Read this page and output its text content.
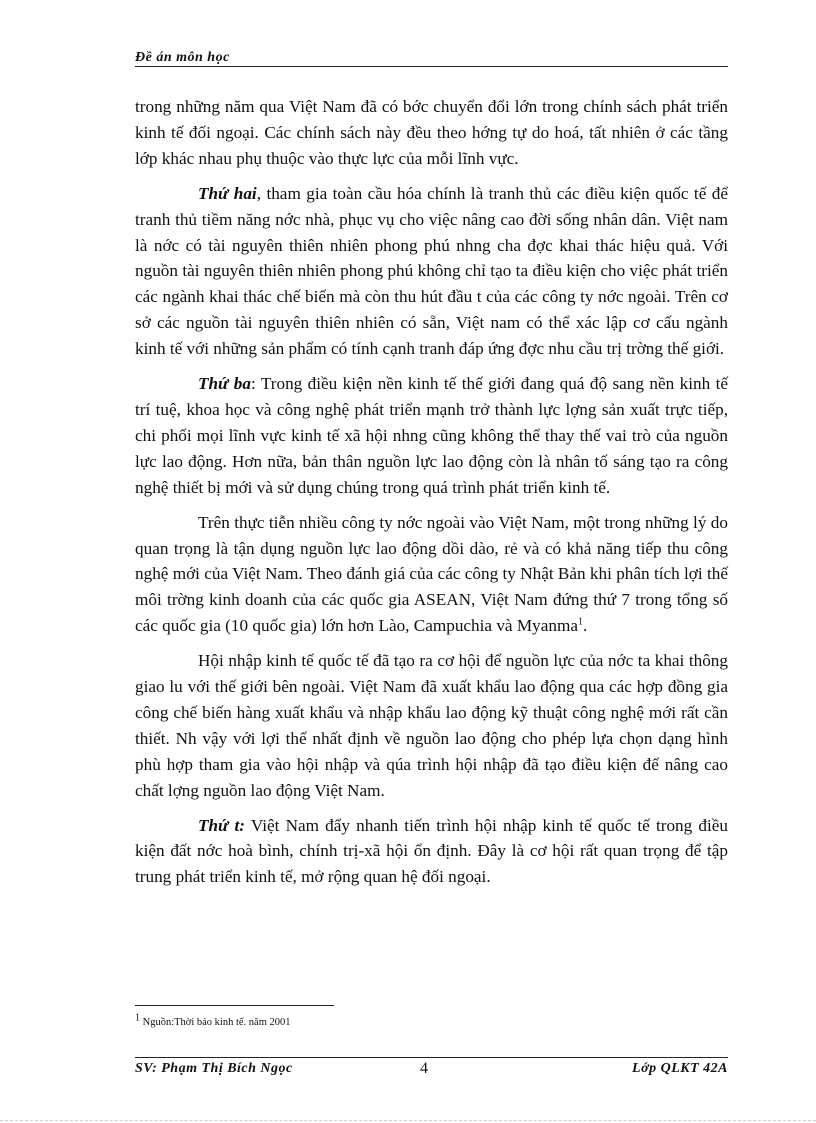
Đề án môn học

trong những năm qua Việt Nam đã có bớc chuyển đổi lớn trong chính sách phát triển kinh tế đối ngoại. Các chính sách này đều theo hớng tự do hoá, tất nhiên ở các tầng lớp khác nhau phụ thuộc vào thực lực của mỗi lĩnh vực.

Thứ hai, tham gia toàn cầu hóa chính là tranh thủ các điều kiện quốc tế để tranh thủ tiềm năng nớc nhà, phục vụ cho việc nâng cao đời sống nhân dân. Việt nam là nớc có tài nguyên thiên nhiên phong phú nhng cha đợc khai thác hiệu quả. Với nguồn tài nguyên thiên nhiên phong phú không chỉ tạo ta điều kiện cho việc phát triển các ngành khai thác chế biến mà còn thu hút đầu t của các công ty nớc ngoài. Trên cơ sở các nguồn tài nguyên thiên nhiên có sẵn, Việt nam có thể xác lập cơ cấu ngành kinh tế với những sản phẩm có tính cạnh tranh đáp ứng đợc nhu cầu trị trờng thế giới.

Thứ ba: Trong điều kiện nền kinh tế thế giới đang quá độ sang nền kinh tế trí tuệ, khoa học và công nghệ phát triển mạnh trở thành lực lợng sản xuất trực tiếp, chi phối mọi lĩnh vực kinh tế xã hội nhng cũng không thể thay thế vai trò của nguồn lực lao động. Hơn nữa, bản thân nguồn lực lao động còn là nhân tố sáng tạo ra công nghệ thiết bị mới và sử dụng chúng trong quá trình phát triển kinh tế.

Trên thực tiễn nhiều công ty nớc ngoài vào Việt Nam, một trong những lý do quan trọng là tận dụng nguồn lực lao động dồi dào, rẻ và có khả năng tiếp thu công nghệ mới của Việt Nam. Theo đánh giá của các công ty Nhật Bản khi phân tích lợi thế môi trờng kinh doanh của các quốc gia ASEAN, Việt Nam đứng thứ 7 trong tổng số các quốc gia (10 quốc gia) lớn hơn Lào, Campuchia và Myanma$^1$.

Hội nhập kinh tế quốc tế đã tạo ra cơ hội để nguồn lực của nớc ta khai thông giao lu với thế giới bên ngoài. Việt Nam đã xuất khẩu lao động qua các hợp đồng gia công chế biến hàng xuất khẩu và nhập khẩu lao động kỹ thuật công nghệ mới rất cần thiết. Nh vậy với lợi thế nhất định về nguồn lao động cho phép lựa chọn dạng hình phù hợp tham gia vào hội nhập và qúa trình hội nhập đã tạo điều kiện để nâng cao chất lợng nguồn lao động Việt Nam.

Thứ t: Việt Nam đẩy nhanh tiến trình hội nhập kinh tế quốc tế trong điều kiện đất nớc hoà bình, chính trị-xã hội ổn định. Đây là cơ hội rất quan trọng để tập trung phát triển kinh tế, mở rộng quan hệ đối ngoại.

$^1$ Nguồn:Thời báo kinh tế. năm 2001
SV: Phạm Thị Bích Ngọc	4	Lớp QLKT 42A
